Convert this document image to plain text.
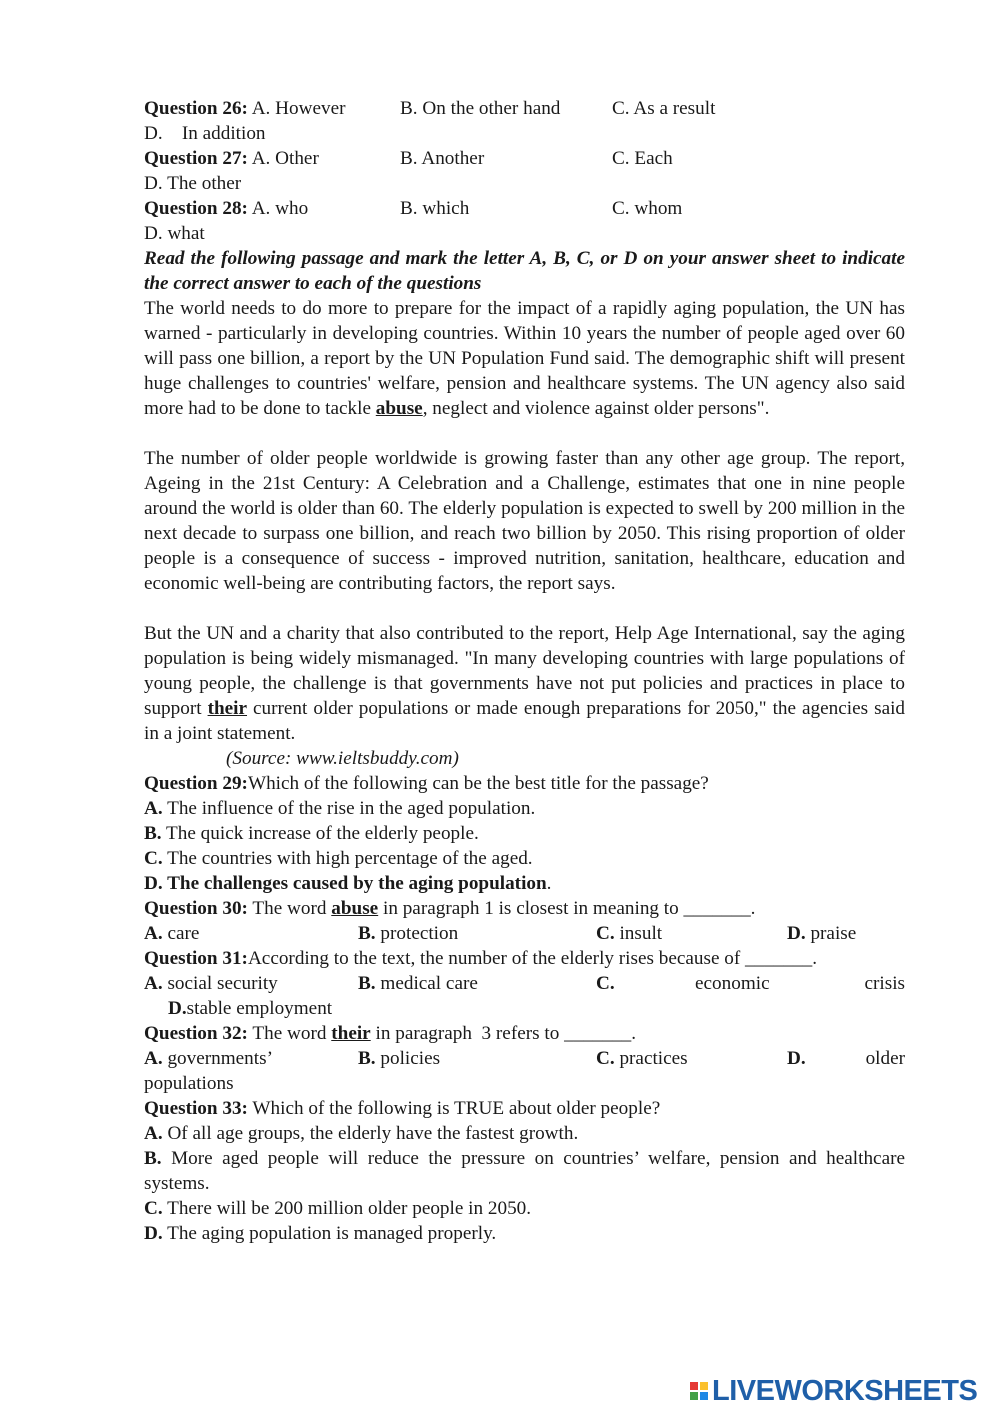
Question 26: A. However	B. On the other hand	C. As a result
D.    In addition
Question 27: A. Other	B. Another	C. Each
D. The other
Question 28: A. who	B. which	C. whom
D. what
Read the following passage and mark the letter A, B, C, or D on your answer sheet to indicate the correct answer to each of the questions
The world needs to do more to prepare for the impact of a rapidly aging population, the UN has warned - particularly in developing countries. Within 10 years the number of people aged over 60 will pass one billion, a report by the UN Population Fund said. The demographic shift will present huge challenges to countries' welfare, pension and healthcare systems. The UN agency also said more had to be done to tackle abuse, neglect and violence against older persons".
The number of older people worldwide is growing faster than any other age group. The report, Ageing in the 21st Century: A Celebration and a Challenge, estimates that one in nine people around the world is older than 60. The elderly population is expected to swell by 200 million in the next decade to surpass one billion, and reach two billion by 2050. This rising proportion of older people is a consequence of success - improved nutrition, sanitation, healthcare, education and economic well-being are contributing factors, the report says.
But the UN and a charity that also contributed to the report, Help Age International, say the aging population is being widely mismanaged. "In many developing countries with large populations of young people, the challenge is that governments have not put policies and practices in place to support their current older populations or made enough preparations for 2050," the agencies said in a joint statement.
(Source: www.ieltsbuddy.com)
Question 29:Which of the following can be the best title for the passage?
A. The influence of the rise in the aged population.
B. The quick increase of the elderly people.
C. The countries with high percentage of the aged.
D. The challenges caused by the aging population.
Question 30: The word abuse in paragraph 1 is closest in meaning to _______.
A. care	B. protection	C. insult	D. praise
Question 31:According to the text, the number of the elderly rises because of _______.
A. social security	B. medical care	C.	economic	crisis
D.stable employment
Question 32: The word their in paragraph  3 refers to _______.
A. governments’	B. policies	C. practices	D.	older
populations
Question 33: Which of the following is TRUE about older people?
A. Of all age groups, the elderly have the fastest growth.
B. More aged people will reduce the pressure on countries’ welfare, pension and healthcare systems.
C. There will be 200 million older people in 2050.
D. The aging population is managed properly.
LIVEWORKSHEETS
